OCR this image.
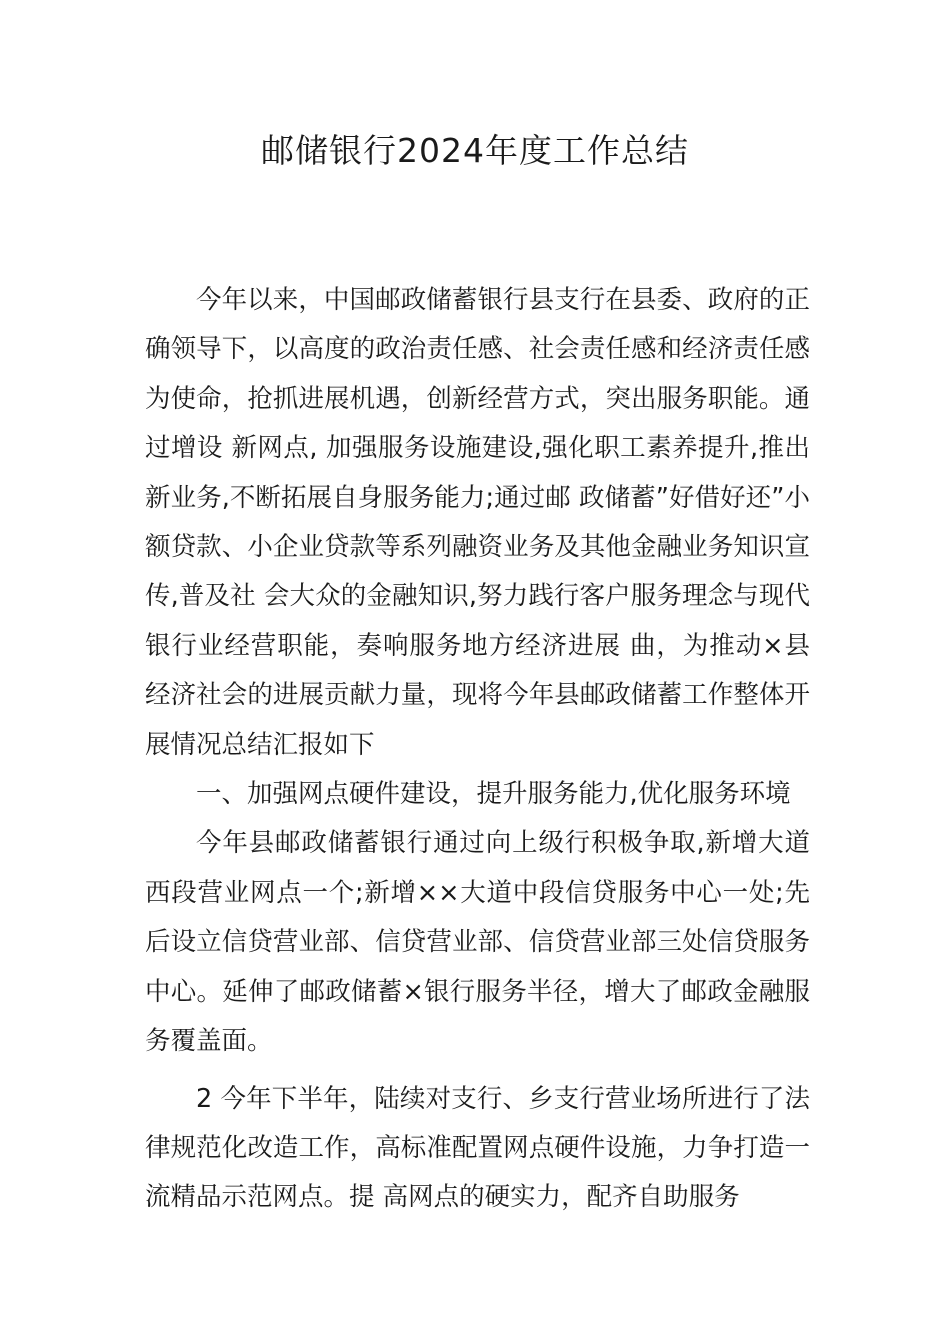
邮储银行2024年度工作总结

今年以来，中国邮政储蓄银行县支行在县委、政府的正确领导下，以高度的政治责任感、社会责任感和经济责任感为使命，抢抓进展机遇，创新经营方式，突出服务职能。通过增设 新网点, 加强服务设施建设,强化职工素养提升,推出新业务,不断拓展自身服务能力;通过邮 政储蓄”好借好还”小额贷款、小企业贷款等系列融资业务及其他金融业务知识宣传,普及社 会大众的金融知识,努力践行客户服务理念与现代银行业经营职能，奏响服务地方经济进展 曲，为推动×县经济社会的进展贡献力量，现将今年县邮政储蓄工作整体开展情况总结汇报如下

一、加强网点硬件建设，提升服务能力,优化服务环境

今年县邮政储蓄银行通过向上级行积极争取,新增大道西段营业网点一个;新增××大道中段信贷服务中心一处;先 后设立信贷营业部、信贷营业部、信贷营业部三处信贷服务中心。延伸了邮政储蓄×银行服务半径，增大了邮政金融服务覆盖面。

2 今年下半年，陆续对支行、乡支行营业场所进行了法律规范化改造工作，高标准配置网点硬件设施，力争打造一流精品示范网点。提 高网点的硬实力，配齐自助服务
